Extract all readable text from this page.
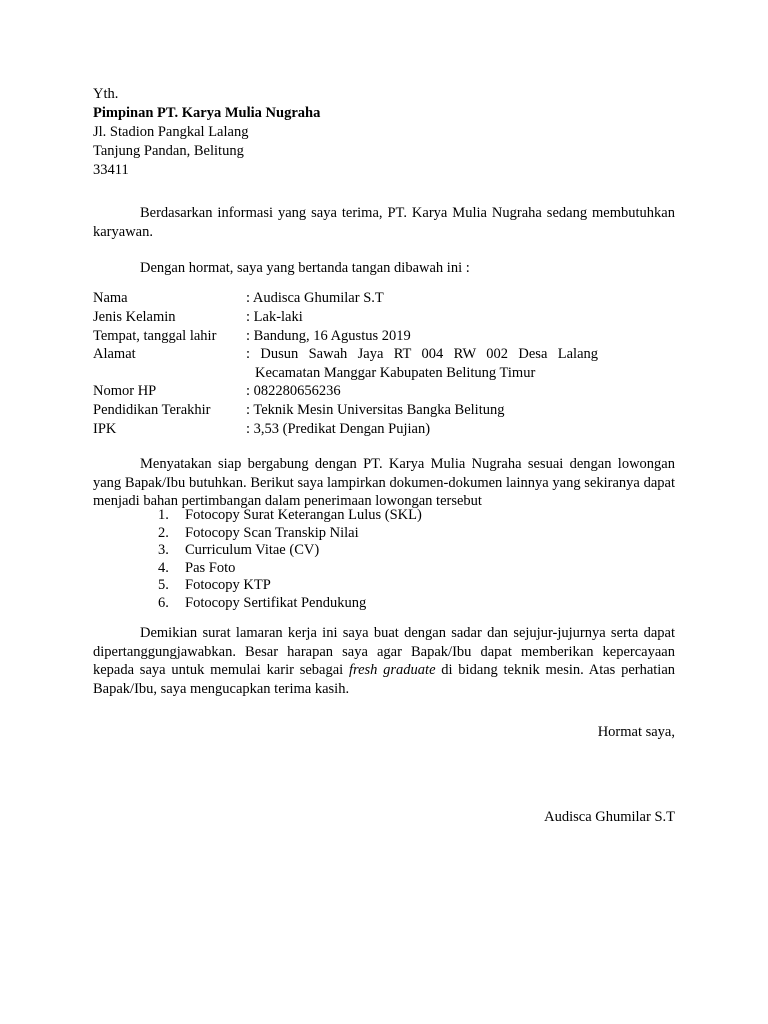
Yth.
Pimpinan PT. Karya Mulia Nugraha
Jl. Stadion Pangkal Lalang
Tanjung Pandan, Belitung
33411
Berdasarkan informasi yang saya terima, PT. Karya Mulia Nugraha sedang membutuhkan karyawan.
Dengan hormat, saya yang bertanda tangan dibawah ini :
Nama	: Audisca Ghumilar S.T
Jenis Kelamin	: Lak-laki
Tempat, tanggal lahir : Bandung, 16 Agustus 2019
Alamat	: Dusun Sawah Jaya RT 004 RW 002 Desa Lalang
Kecamatan Manggar Kabupaten Belitung Timur
Nomor HP	: 082280656236
Pendidikan Terakhir : Teknik Mesin Universitas Bangka Belitung
IPK	: 3,53 (Predikat Dengan Pujian)
Menyatakan siap bergabung dengan PT. Karya Mulia Nugraha sesuai dengan lowongan yang Bapak/Ibu butuhkan. Berikut saya lampirkan dokumen-dokumen lainnya yang sekiranya dapat menjadi bahan pertimbangan dalam penerimaan lowongan tersebut
1. Fotocopy Surat Keterangan Lulus (SKL)
2. Fotocopy Scan Transkip Nilai
3. Curriculum Vitae (CV)
4. Pas Foto
5. Fotocopy KTP
6. Fotocopy Sertifikat Pendukung
Demikian surat lamaran kerja ini saya buat dengan sadar dan sejujur-jujurnya serta dapat dipertanggungjawabkan. Besar harapan saya agar Bapak/Ibu dapat memberikan kepercayaan kepada saya untuk memulai karir sebagai fresh graduate di bidang teknik mesin. Atas perhatian Bapak/Ibu, saya mengucapkan terima kasih.
Hormat saya,
Audisca Ghumilar S.T
